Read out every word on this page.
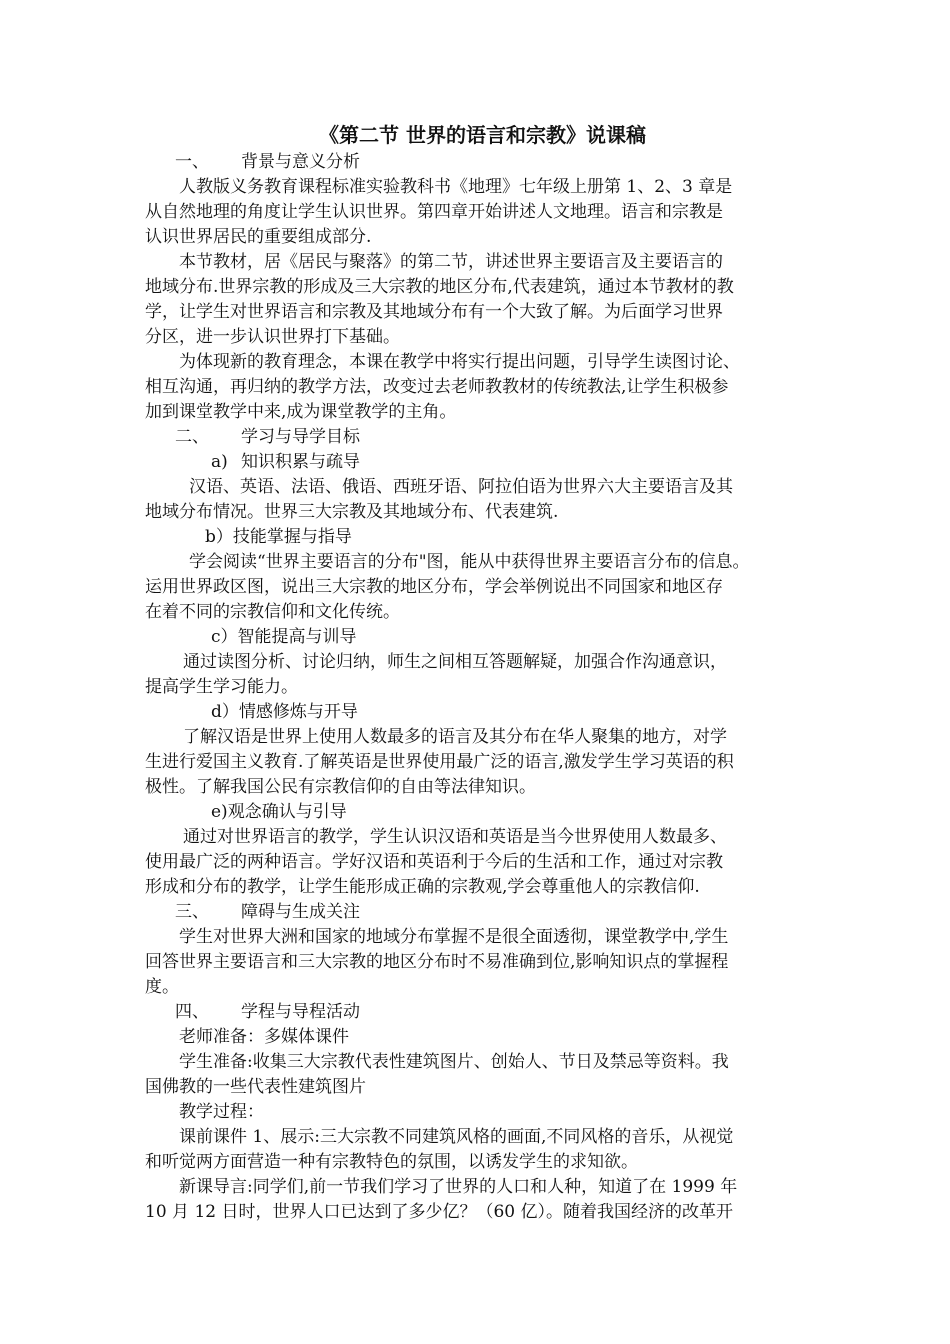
《第二节 世界的语言和宗教》说课稿

一、 背景与意义分析

人教版义务教育课程标准实验教科书《地理》七年级上册第 1、2、3 章是

从自然地理的角度让学生认识世界。第四章开始讲述人文地理。语言和宗教是

认识世界居民的重要组成部分.

本节教材，居《居民与聚落》的第二节，讲述世界主要语言及主要语言的

地域分布.世界宗教的形成及三大宗教的地区分布,代表建筑，通过本节教材的教

学，让学生对世界语言和宗教及其地域分布有一个大致了解。为后面学习世界

分区，进一步认识世界打下基础。

为体现新的教育理念，本课在教学中将实行提出问题，引导学生读图讨论、

相互沟通，再归纳的教学方法，改变过去老师教教材的传统教法,让学生积极参

加到课堂教学中来,成为课堂教学的主角。

二、 学习与导学目标

a) 知识积累与疏导

汉语、英语、法语、俄语、西班牙语、阿拉伯语为世界六大主要语言及其

地域分布情况。世界三大宗教及其地域分布、代表建筑.

b）技能掌握与指导

学会阅读“世界主要语言的分布"图，能从中获得世界主要语言分布的信息。

运用世界政区图，说出三大宗教的地区分布，学会举例说出不同国家和地区存

在着不同的宗教信仰和文化传统。

c）智能提高与训导

通过读图分析、讨论归纳，师生之间相互答题解疑，加强合作沟通意识，

提高学生学习能力。

d）情感修炼与开导

了解汉语是世界上使用人数最多的语言及其分布在华人聚集的地方，对学

生进行爱国主义教育.了解英语是世界使用最广泛的语言,激发学生学习英语的积

极性。了解我国公民有宗教信仰的自由等法律知识。

e)观念确认与引导

通过对世界语言的教学，学生认识汉语和英语是当今世界使用人数最多、

使用最广泛的两种语言。学好汉语和英语利于今后的生活和工作，通过对宗教

形成和分布的教学，让学生能形成正确的宗教观,学会尊重他人的宗教信仰.

三、 障碍与生成关注

学生对世界大洲和国家的地域分布掌握不是很全面透彻，课堂教学中,学生

回答世界主要语言和三大宗教的地区分布时不易准确到位,影响知识点的掌握程

度。

四、 学程与导程活动

老师准备：多媒体课件

学生准备:收集三大宗教代表性建筑图片、创始人、节日及禁忌等资料。我

国佛教的一些代表性建筑图片

教学过程：

课前课件 1、展示:三大宗教不同建筑风格的画面,不同风格的音乐，从视觉

和听觉两方面营造一种有宗教特色的氛围，以诱发学生的求知欲。

新课导言:同学们,前一节我们学习了世界的人口和人种，知道了在 1999 年

10 月 12 日时，世界人口已达到了多少亿？（60 亿）。随着我国经济的改革开
